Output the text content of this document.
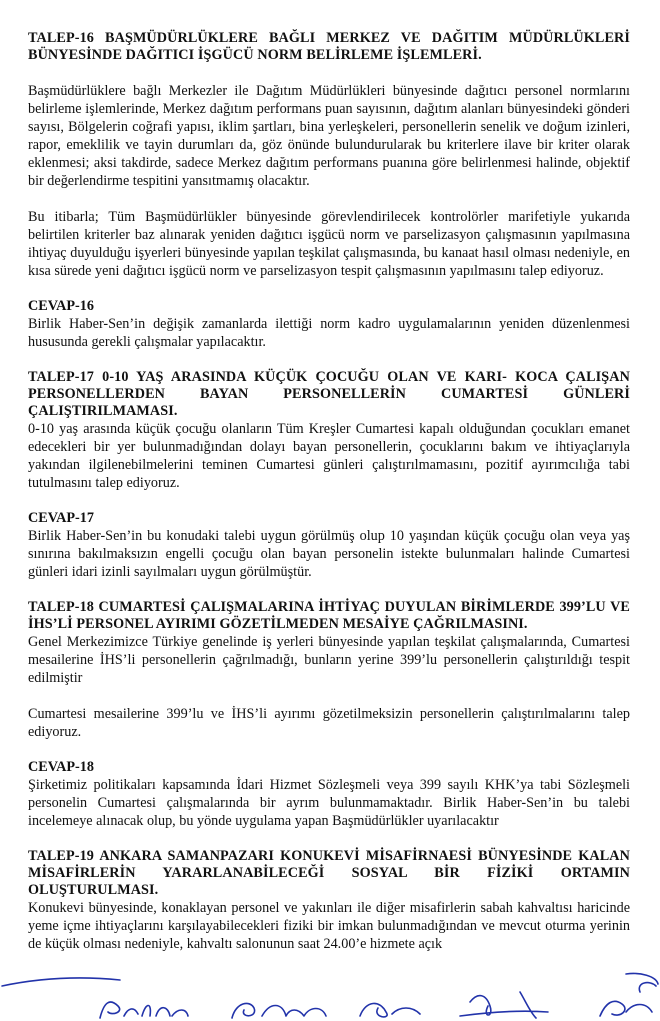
TALEP-16 BAŞMÜDÜRLÜKLERE BAĞLI MERKEZ VE DAĞITIM MÜDÜRLÜKLERİ BÜNYESİNDE DAĞITICI İŞGÜCÜ NORM BELİRLEME İŞLEMLERİ.

Başmüdürlüklere bağlı Merkezler ile Dağıtım Müdürlükleri bünyesinde dağıtıcı personel normlarını belirleme işlemlerinde, Merkez dağıtım performans puan sayısının, dağıtım alanları bünyesindeki gönderi sayısı, Bölgelerin coğrafi yapısı, iklim şartları, bina yerleşkeleri, personellerin senelik ve doğum izinleri, rapor, emeklilik ve tayin durumları da, göz önünde bulundurularak bu kriterlere ilave bir kriter olarak eklenmesi; aksi takdirde, sadece Merkez dağıtım performans puanına göre belirlenmesi halinde, objektif bir değerlendirme tespitini yansıtmamış olacaktır.

Bu itibarla; Tüm Başmüdürlükler bünyesinde görevlendirilecek kontrolörler marifetiyle yukarıda belirtilen kriterler baz alınarak yeniden dağıtıcı işgücü norm ve parselizasyon çalışmasının yapılmasına ihtiyaç duyulduğu işyerleri bünyesinde yapılan teşkilat çalışmasında, bu kanaat hasıl olması nedeniyle, en kısa sürede yeni dağıtıcı işgücü norm ve parselizasyon tespit çalışmasının yapılmasını talep ediyoruz.

CEVAP-16

Birlik Haber-Sen’in değişik zamanlarda ilettiği norm kadro uygulamalarının yeniden düzenlenmesi hususunda gerekli çalışmalar yapılacaktır.

TALEP-17 0-10 YAŞ ARASINDA KÜÇÜK ÇOCUĞU OLAN VE KARI- KOCA ÇALIŞAN PERSONELLERDEN BAYAN PERSONELLERİN CUMARTESİ GÜNLERİ ÇALIŞTIRILMAMASI.

0-10 yaş arasında küçük çocuğu olanların Tüm Kreşler Cumartesi kapalı olduğundan çocukları emanet edecekleri bir yer bulunmadığından dolayı bayan personellerin, çocuklarını bakım ve ihtiyaçlarıyla yakından ilgilenebilmelerini teminen Cumartesi günleri çalıştırılmamasını, pozitif ayırımcılığa tabi tutulmasını talep ediyoruz.

CEVAP-17

Birlik Haber-Sen’in bu konudaki talebi uygun görülmüş olup 10 yaşından küçük çocuğu olan veya yaş sınırına bakılmaksızın engelli çocuğu olan bayan personelin istekte bulunmaları halinde Cumartesi günleri idari izinli sayılmaları uygun görülmüştür.

TALEP-18 CUMARTESİ ÇALIŞMALARINA İHTİYAÇ DUYULAN BİRİMLERDE 399’LU VE İHS’Lİ PERSONEL AYIRIMI GÖZETİLMEDEN MESAİYE ÇAĞRILMASINI.

Genel Merkezimizce Türkiye genelinde iş yerleri bünyesinde yapılan teşkilat çalışmalarında, Cumartesi mesailerine İHS’li personellerin çağrılmadığı, bunların yerine 399’lu personellerin çalıştırıldığı tespit edilmiştir

Cumartesi mesailerine 399’lu ve İHS’li ayırımı gözetilmeksizin personellerin çalıştırılmalarını talep ediyoruz.

CEVAP-18

Şirketimiz politikaları kapsamında İdari Hizmet Sözleşmeli veya 399 sayılı KHK’ya tabi Sözleşmeli personelin Cumartesi çalışmalarında bir ayrım bulunmamaktadır. Birlik Haber-Sen’in bu talebi incelemeye alınacak olup, bu yönde uygulama yapan Başmüdürlükler uyarılacaktır

TALEP-19 ANKARA SAMANPAZARI KONUKEVİ MİSAFİRNAESİ BÜNYESİNDE KALAN MİSAFİRLERİN YARARLANABİLECEĞİ SOSYAL BİR FİZİKİ ORTAMIN OLUŞTURULMASI.

Konukevi bünyesinde, konaklayan personel ve yakınları ile diğer misafirlerin sabah kahvaltısı haricinde yeme içme ihtiyaçlarını karşılayabilecekleri fiziki bir imkan bulunmadığından ve mevcut oturma yerinin de küçük olması nedeniyle, kahvaltı salonunun saat 24.00’e hizmete açık
